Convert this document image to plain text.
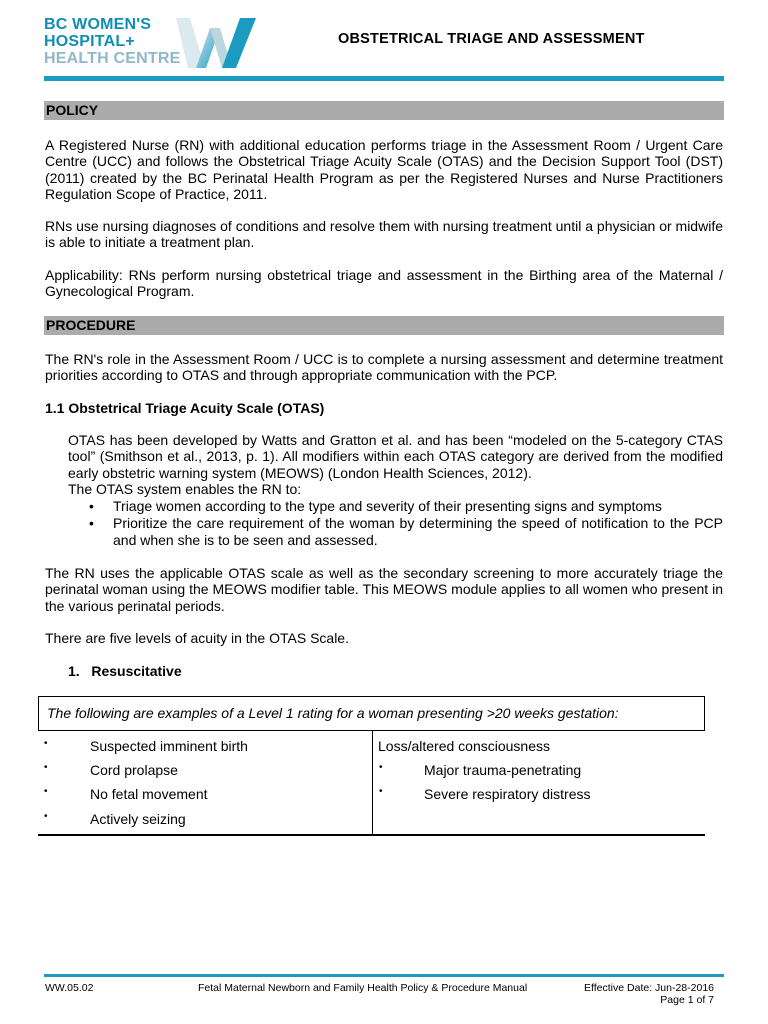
BC WOMEN'S
HOSPITAL+
HEALTH CENTRE
OBSTETRICAL TRIAGE AND ASSESSMENT
POLICY
A Registered Nurse (RN) with additional education performs triage in the Assessment Room / Urgent Care Centre (UCC) and follows the Obstetrical Triage Acuity Scale (OTAS) and the Decision Support Tool (DST) (2011) created by the BC Perinatal Health Program as per the Registered Nurses and Nurse Practitioners Regulation Scope of Practice, 2011.
RNs use nursing diagnoses of conditions and resolve them with nursing treatment until a physician or midwife is able to initiate a treatment plan.
Applicability: RNs perform nursing obstetrical triage and assessment in the Birthing area of the Maternal / Gynecological Program.
PROCEDURE
The RN's role in the Assessment Room / UCC is to complete a nursing assessment and determine treatment priorities according to OTAS and through appropriate communication with the PCP.
1.1 Obstetrical Triage Acuity Scale (OTAS)
OTAS has been developed by Watts and Gratton et al. and has been “modeled on the 5-category CTAS tool” (Smithson et al., 2013, p. 1). All modifiers within each OTAS category are derived from the modified early obstetric warning system (MEOWS) (London Health Sciences, 2012).
The OTAS system enables the RN to:
• Triage women according to the type and severity of their presenting signs and symptoms
• Prioritize the care requirement of the woman by determining the speed of notification to the PCP and when she is to be seen and assessed.
The RN uses the applicable OTAS scale as well as the secondary screening to more accurately triage the perinatal woman using the MEOWS modifier table. This MEOWS module applies to all women who present in the various perinatal periods.
There are five levels of acuity in the OTAS Scale.
1. Resuscitative
The following are examples of a Level 1 rating for a woman presenting >20 weeks gestation:
•	Suspected imminent birth
•	Cord prolapse
•	No fetal movement
•	Actively seizing
Loss/altered consciousness
•	Major trauma-penetrating
•	Severe respiratory distress
WW.05.02	Fetal Maternal Newborn and Family Health Policy & Procedure Manual	Effective Date: Jun-28-2016
Page 1 of 7
